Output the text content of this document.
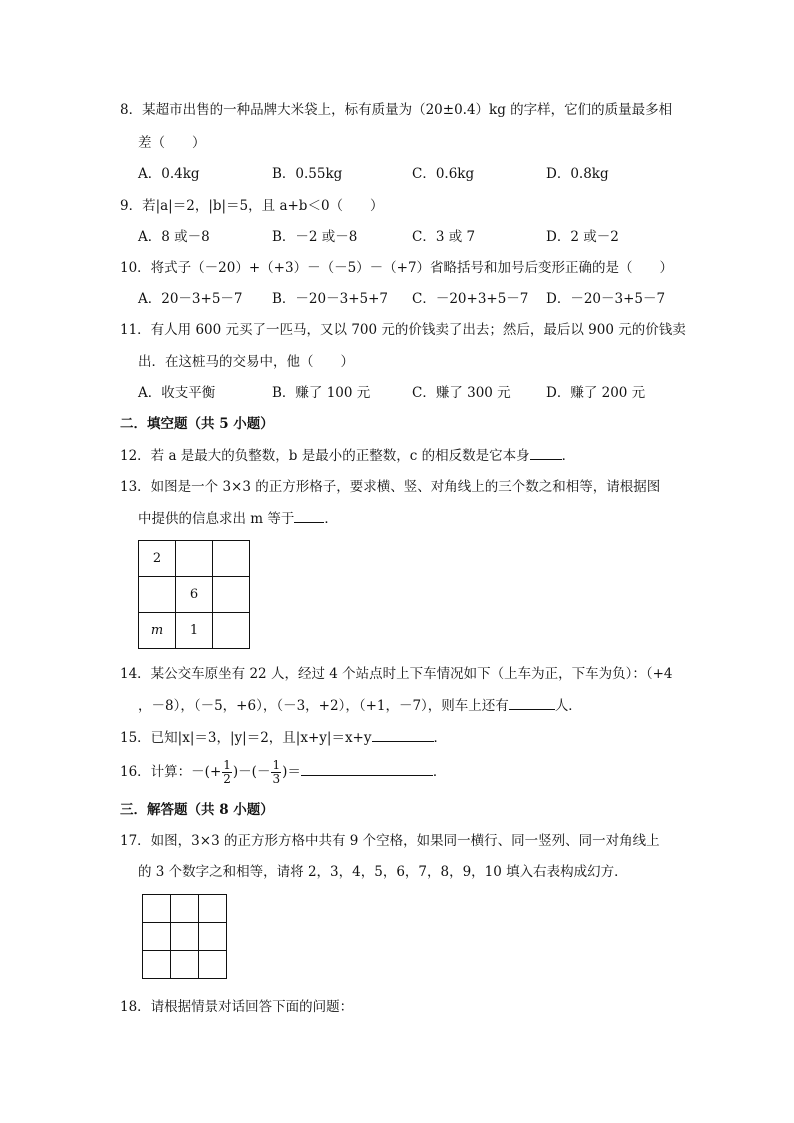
8．某超市出售的一种品牌大米袋上，标有质量为（20±0.4）kg 的字样，它们的质量最多相
差（　　）
A．0.4kg	B．0.55kg	C．0.6kg	D．0.8kg
9．若|a|＝2，|b|＝5，且 a+b＜0（　　）
A．8 或－8	B．－2 或－8	C．3 或 7	D．2 或－2
10．将式子（－20）+（+3）－（－5）－（+7）省略括号和加号后变形正确的是（　　）
A．20－3+5－7 B．－20－3+5+7 C．－20+3+5－7 D．－20－3+5－7
11．有人用 600 元买了一匹马，又以 700 元的价钱卖了出去；然后，最后以 900 元的价钱卖
出．在这桩马的交易中，他（　　）
A．收支平衡	B．赚了 100 元	C．赚了 300 元	D．赚了 200 元
二．填空题（共 5 小题）
12．若 a 是最大的负整数，b 是最小的正整数，c 的相反数是它本身 ．
13．如图是一个 3×3 的正方形格子，要求横、竖、对角线上的三个数之和相等，请根据图
中提供的信息求出 m 等于 ．
2		
	6	
m	1	
14．某公交车原坐有 22 人，经过 4 个站点时上下车情况如下（上车为正，下车为负）：（+4
，－8），（－5，+6），（－3，+2），（+1，－7），则车上还有	人．
15．已知|x|＝3，|y|＝2，且|x+y|＝x+y	．
16．计算：－(+ $\frac{1}{2}$ )－(－ $\frac{1}{3}$ )＝	．
三．解答题（共 8 小题）
17．如图，3×3 的正方形方格中共有 9 个空格，如果同一横行、同一竖列、同一对角线上
的 3 个数字之和相等，请将 2，3，4，5，6，7，8，9，10 填入右表构成幻方．

18．请根据情景对话回答下面的问题：
